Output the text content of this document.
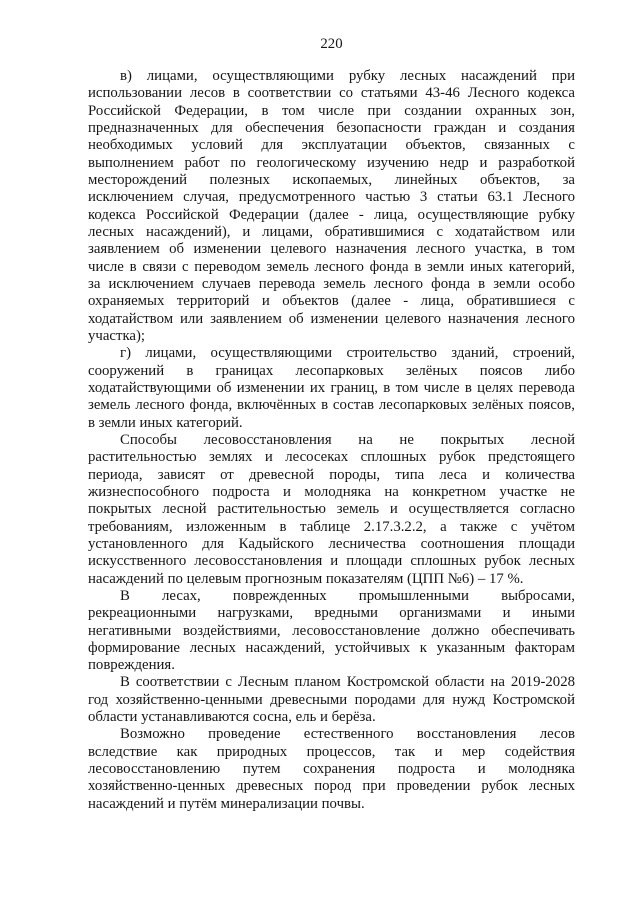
220
в) лицами, осуществляющими рубку лесных насаждений при
использовании лесов в соответствии со статьями 43-46 Лесного кодекса
Российской Федерации, в том числе при создании охранных зон,
предназначенных для обеспечения безопасности граждан и создания
необходимых условий для эксплуатации объектов, связанных с
выполнением работ по геологическому изучению недр и разработкой
месторождений полезных ископаемых, линейных объектов, за
исключением случая, предусмотренного частью 3 статьи 63.1 Лесного
кодекса Российской Федерации (далее - лица, осуществляющие рубку
лесных насаждений), и лицами, обратившимися с ходатайством или
заявлением об изменении целевого назначения лесного участка, в том
числе в связи с переводом земель лесного фонда в земли иных категорий,
за исключением случаев перевода земель лесного фонда в земли особо
охраняемых территорий и объектов (далее - лица, обратившиеся с
ходатайством или заявлением об изменении целевого назначения лесного
участка);
г) лицами, осуществляющими строительство зданий, строений,
сооружений в границах лесопарковых зелёных поясов либо
ходатайствующими об изменении их границ, в том числе в целях перевода
земель лесного фонда, включённых в состав лесопарковых зелёных поясов,
в земли иных категорий.
Способы лесовосстановления на не покрытых лесной
растительностью землях и лесосеках сплошных рубок предстоящего
периода, зависят от древесной породы, типа леса и количества
жизнеспособного подроста и молодняка на конкретном участке не
покрытых лесной растительностью земель и осуществляется согласно
требованиям, изложенным в таблице 2.17.3.2.2, а также с учётом
установленного для Кадыйского лесничества соотношения площади
искусственного лесовосстановления и площади сплошных рубок лесных
насаждений по целевым прогнозным показателям (ЦПП №6) – 17 %.
В лесах, поврежденных промышленными выбросами,
рекреационными нагрузками, вредными организмами и иными
негативными воздействиями, лесовосстановление должно обеспечивать
формирование лесных насаждений, устойчивых к указанным факторам
повреждения.
В соответствии с Лесным планом Костромской области на 2019-2028
год хозяйственно-ценными древесными породами для нужд Костромской
области устанавливаются сосна, ель и берёза.
Возможно проведение естественного восстановления лесов
вследствие как природных процессов, так и мер содействия
лесовосстановлению путем сохранения подроста и молодняка
хозяйственно-ценных древесных пород при проведении рубок лесных
насаждений и путём минерализации почвы.
